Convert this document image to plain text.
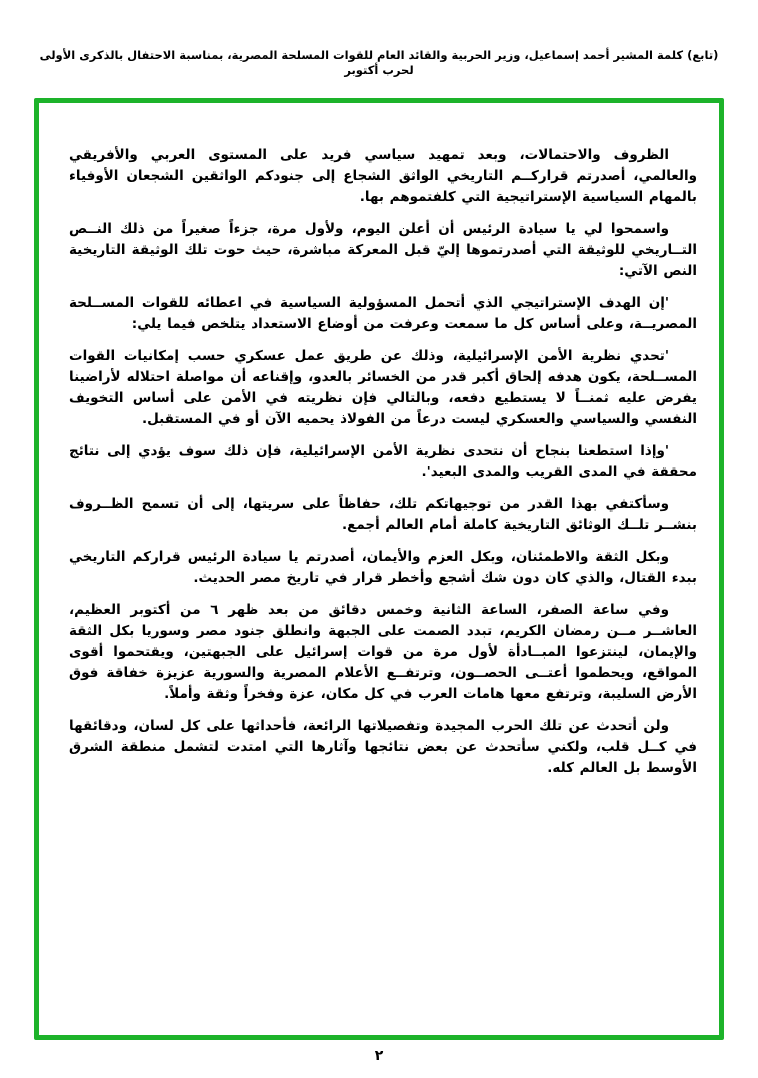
(تابع) كلمة المشير أحمد إسماعيل، وزير الحربية والقائد العام للقوات المسلحة المصرية، بمناسبة الاحتفال بالذكرى الأولى لحرب أكتوبر

الظروف والاحتمالات، وبعد تمهيد سياسي فريد على المستوى العربي والأفريقي والعالمي، أصدرتم قراركــم التاريخي الواثق الشجاع إلى جنودكم الواثقين الشجعان الأوفياء بالمهام السياسية الإستراتيجية التي كلفتموهم بها.

واسمحوا لي يا سيادة الرئيس أن أعلن اليوم، ولأول مرة، جزءاً صغيراً من ذلك النــص التــاريخي للوثيقة التي أصدرتموها إليّ قبل المعركة مباشرة، حيث حوت تلك الوثيقة التاريخية النص الآتي:

'إن الهدف الإستراتيجي الذي أتحمل المسؤولية السياسية في اعطائه للقوات المســلحة المصريــة، وعلى أساس كل ما سمعت وعرفت من أوضاع الاستعداد يتلخص فيما يلي:

'تحدي نظرية الأمن الإسرائيلية، وذلك عن طريق عمل عسكري حسب إمكانيات القوات المســلحة، يكون هدفه إلحاق أكبر قدر من الخسائر بالعدو، وإقناعه أن مواصلة احتلاله لأراضينا يفرض عليه ثمنــاً لا يستطيع دفعه، وبالتالي فإن نظريته في الأمن على أساس التخويف النفسي والسياسي والعسكري ليست درعاً من الفولاذ يحميه الآن أو في المستقبل.

'وإذا استطعنا بنجاح أن نتحدى نظرية الأمن الإسرائيلية، فإن ذلك سوف يؤدي إلى نتائج محققة في المدى القريب والمدى البعيد'.

وسأكتفي بهذا القدر من توجيهاتكم تلك، حفاظاً على سريتها، إلى أن تسمح الظــروف بنشــر تلــك الوثائق التاريخية كاملة أمام العالم أجمع.

وبكل الثقة والاطمئنان، وبكل العزم والأيمان، أصدرتم يا سيادة الرئيس قراركم التاريخي ببدء القتال، والذي كان دون شك أشجع وأخطر قرار في تاريخ مصر الحديث.

وفي ساعة الصفر، الساعة الثانية وخمس دقائق من بعد ظهر ٦ من أكتوبر العظيم، العاشــر مــن رمضان الكريم، تبدد الصمت على الجبهة وانطلق جنود مصر وسوريا بكل الثقة والإيمان، لينتزعوا المبــادأة لأول مرة من قوات إسرائيل على الجبهتين، ويقتحموا أقوى المواقع، ويحطموا أعتــى الحصــون، وترتفــع الأعلام المصرية والسورية عزيزة خفاقة فوق الأرض السليبة، وترتفع معها هامات العرب في كل مكان، عزة وفخراً وثقة وأملاً.

ولن أتحدث عن تلك الحرب المجيدة وتفصيلاتها الرائعة، فأحداثها على كل لسان، ودقائقها في كــل قلب، ولكني سأتحدث عن بعض نتائجها وآثارها التي امتدت لتشمل منطقة الشرق الأوسط بل العالم كله.

٢
